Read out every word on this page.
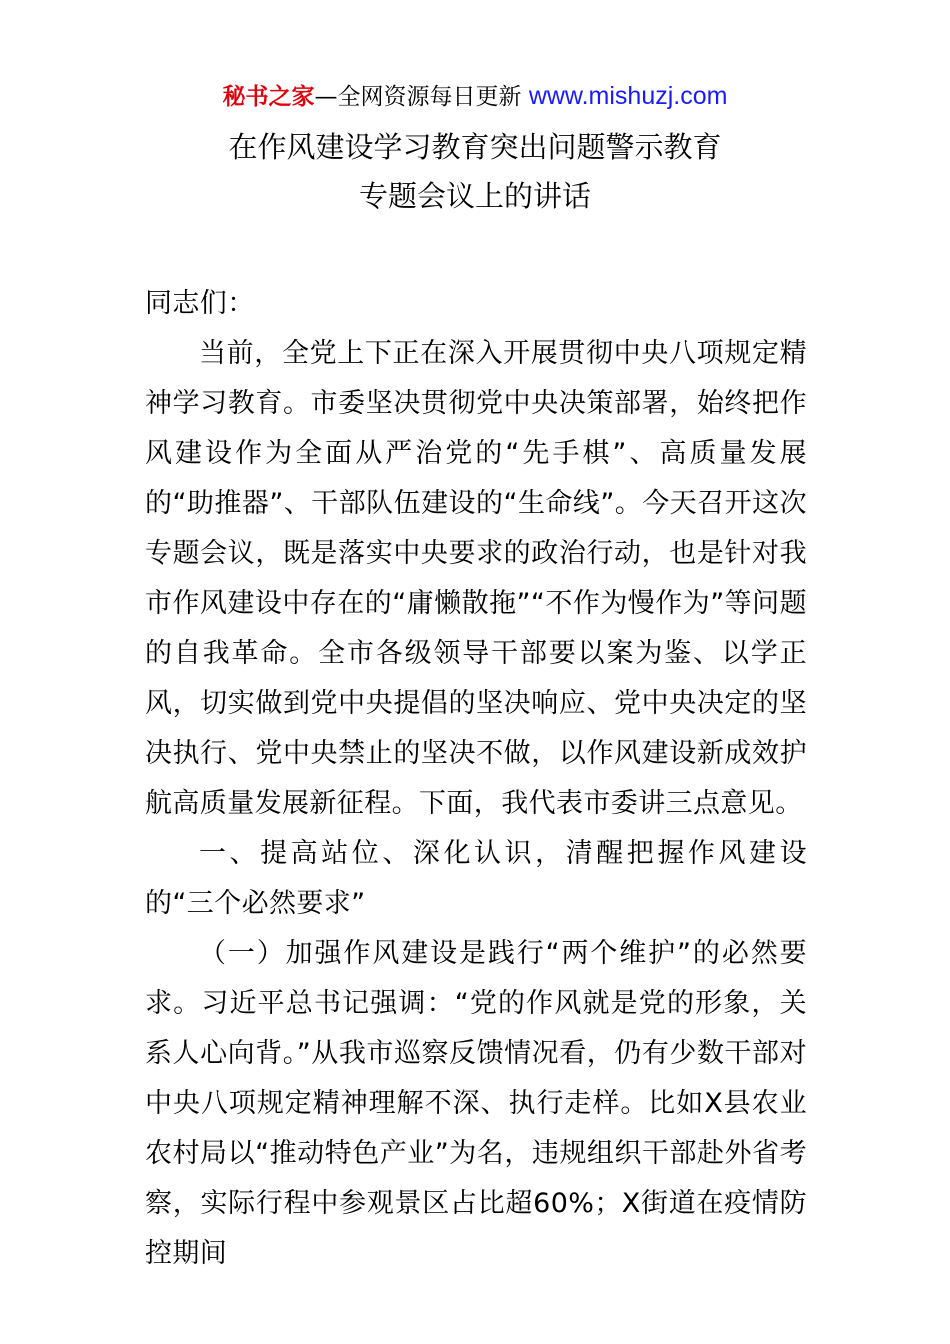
秘书之家—全网资源每日更新 www.mishuzj.com
在作风建设学习教育突出问题警示教育
专题会议上的讲话

同志们：

当前，全党上下正在深入开展贯彻中央八项规定精神学习教育。市委坚决贯彻党中央决策部署，始终把作风建设作为全面从严治党的“先手棋”、高质量发展的“助推器”、干部队伍建设的“生命线”。今天召开这次专题会议，既是落实中央要求的政治行动，也是针对我市作风建设中存在的“庸懒散拖”“不作为慢作为”等问题的自我革命。全市各级领导干部要以案为鉴、以学正风，切实做到党中央提倡的坚决响应、党中央决定的坚决执行、党中央禁止的坚决不做，以作风建设新成效护航高质量发展新征程。下面，我代表市委讲三点意见。

一、提高站位、深化认识，清醒把握作风建设的“三个必然要求”

（一）加强作风建设是践行“两个维护”的必然要求。习近平总书记强调：“党的作风就是党的形象，关系人心向背。”从我市巡察反馈情况看，仍有少数干部对中央八项规定精神理解不深、执行走样。比如X县农业农村局以“推动特色产业”为名，违规组织干部赴外省考察，实际行程中参观景区占比超60%；X街道在疫情防控期间
